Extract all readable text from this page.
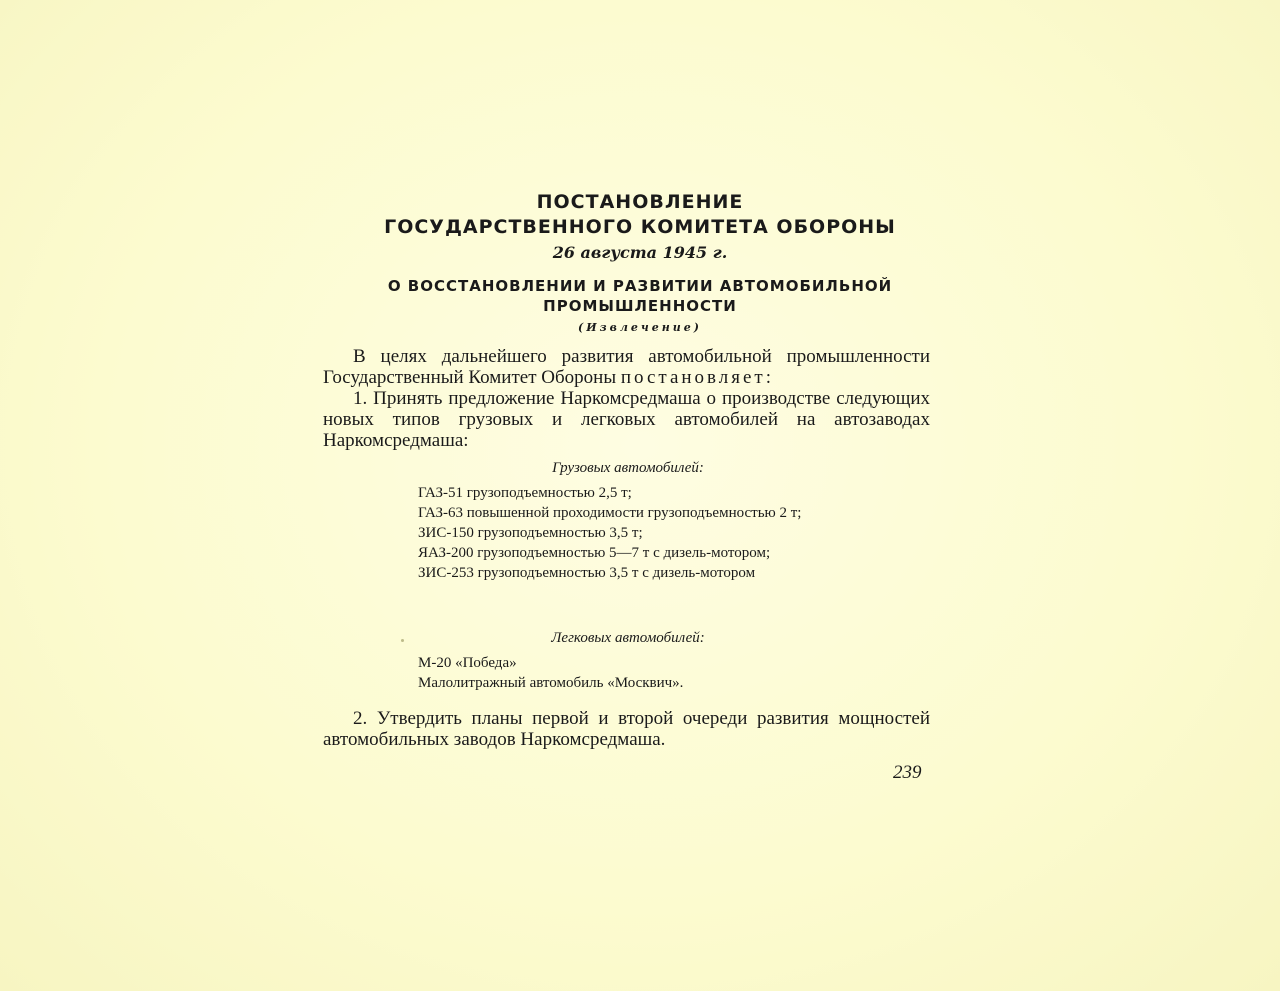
ПОСТАНОВЛЕНИЕ
ГОСУДАРСТВЕННОГО КОМИТЕТА ОБОРОНЫ
26 августа 1945 г.
О ВОССТАНОВЛЕНИИ И РАЗВИТИИ АВТОМОБИЛЬНОЙ
ПРОМЫШЛЕННОСТИ
(Извлечение)

В целях дальнейшего развития автомобильной промышленности Государственный Комитет Обороны постановляет:

1. Принять предложение Наркомсредмаша о производстве следующих новых типов грузовых и легковых автомобилей на автозаводах Наркомсредмаша:

Грузовых автомобилей:
ГАЗ-51 грузоподъемностью 2,5 т;
ГАЗ-63 повышенной проходимости грузоподъемностью 2 т;
ЗИС-150 грузоподъемностью 3,5 т;
ЯАЗ-200 грузоподъемностью 5—7 т с дизель-мотором;
ЗИС-253 грузоподъемностью 3,5 т с дизель-мотором
Легковых автомобилей:
М-20 «Победа»
Малолитражный автомобиль «Москвич».

2. Утвердить планы первой и второй очереди развития мощностей автомобильных заводов Наркомсредмаша.

239
